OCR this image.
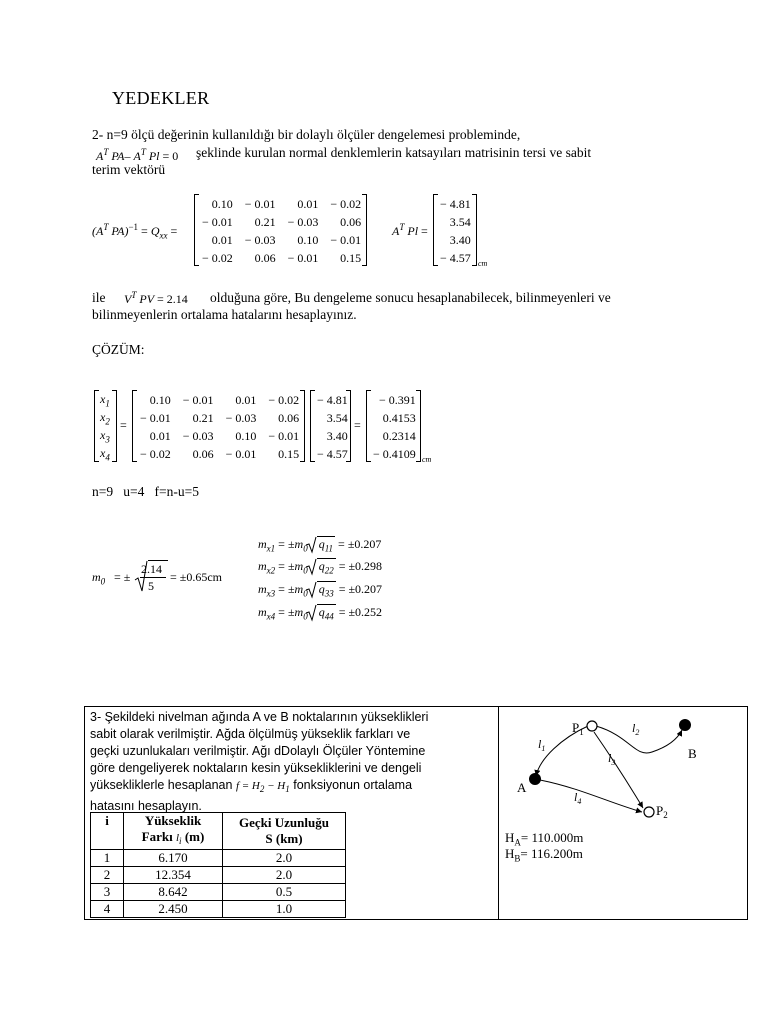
YEDEKLER
2- n=9 ölçü değerinin kullanıldığı bir dolaylı ölçüler dengelemesi probleminde,
$A^T$ PA– $A^T$ Pl = 0 şeklinde kurulan normal denklemlerin katsayıları matrisinin tersi ve sabit
terim vektörü
($A^T$ $PA)^{-1} = Q_{xx}$ =
0.10	− 0.01	0.01	− 0.02
− 0.01	0.21	− 0.03	0.06
0.01	− 0.03	0.10	− 0.01
− 0.02	0.06	− 0.01	0.15
$A^T$ Pl =
− 4.81
3.54
3.40
− 4.57 cm
ile $V^T$ PV = 2.14 olduğuna göre, Bu dengeleme sonucu hesaplanabilecek, bilinmeyenleri ve
bilinmeyenlerin ortalama hatalarını hesaplayınız.
ÇÖZÜM:
$x_1$
$x_2$
$x_3$
$x_4$
=
0.10	− 0.01	0.01	− 0.02
− 0.01	0.21	− 0.03	0.06
0.01	− 0.03	0.10	− 0.01
− 0.02	0.06	− 0.01	0.15
− 4.81
3.54
3.40
− 4.57
=
− 0.391
0.4153
0.2314
− 0.4109 cm
n=9   u=4   f=n-u=5
$m_0$ = ±
2.14
5
= ±0.65cm
$m_{x1} = \pm m_0$ $q_{11} = \pm 0.207$
$m_{x2} = \pm m_0$ $q_{22} = \pm 0.298$
$m_{x3} = \pm m_0$ $q_{33} = \pm 0.207$
$m_{x4} = \pm m_0$ $q_{44} = \pm 0.252$
3- Şekildeki nivelman ağında A ve B noktalarının yükseklikleri
sabit olarak verilmiştir. Ağda ölçülmüş yükseklik farkları ve
geçki uzunlukaları verilmiştir. Ağı dDolaylı Ölçüler Yöntemine
göre dengeliyerek noktaların kesin yüksekliklerini ve dengeli
yüksekliklerle hesaplanan $f = H_2 - H_1$ fonksiyonun ortalama
hatasını hesaplayın.
i	Yükseklik
Farkı $l_i$ (m)	Geçki Uzunluğu
S (km)
1	6.170	2.0
2	12.354	2.0
3	8.642	0.5
4	2.450	1.0
$P_1$
B
A
$P_2$
$l_1$
$l_2$
$l_3$
$l_4$
$H_A= 110.000m$
$H_B= 116.200m$
